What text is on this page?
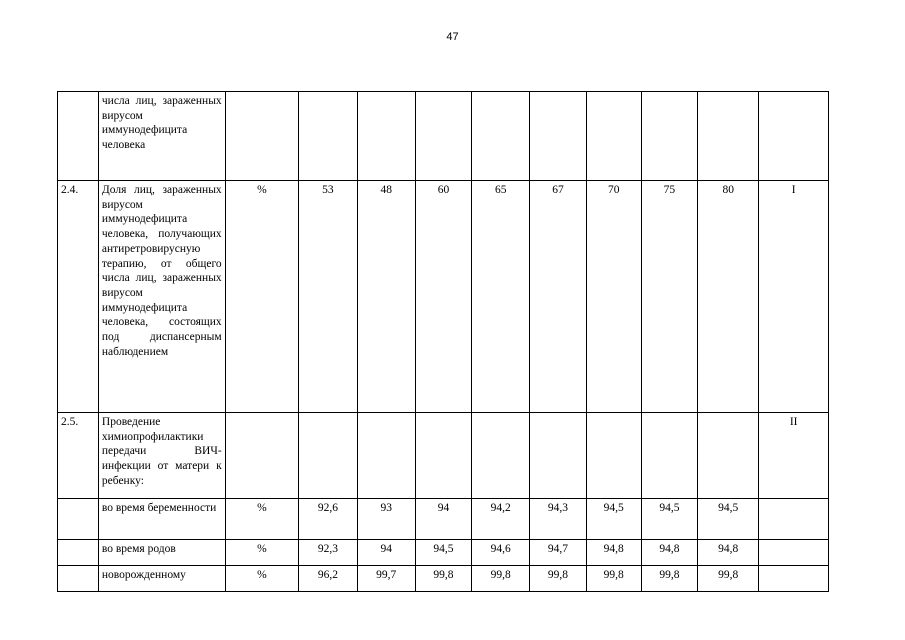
47
	числа лиц, зараженных вирусом иммунодефицита человека										
2.4.	Доля лиц, зараженных вирусом иммунодефицита человека, получающих антиретровирусную терапию, от общего числа лиц, зараженных вирусом иммунодефицита человека, состоящих под диспансерным наблюдением	%	53	48	60	65	67	70	75	80	I
2.5.	Проведение химиопрофилактики передачи ВИЧ-инфекции от матери к ребенку:										II
	во время беременности	%	92,6	93	94	94,2	94,3	94,5	94,5	94,5	
	во время родов	%	92,3	94	94,5	94,6	94,7	94,8	94,8	94,8	
	новорожденному	%	96,2	99,7	99,8	99,8	99,8	99,8	99,8	99,8	
